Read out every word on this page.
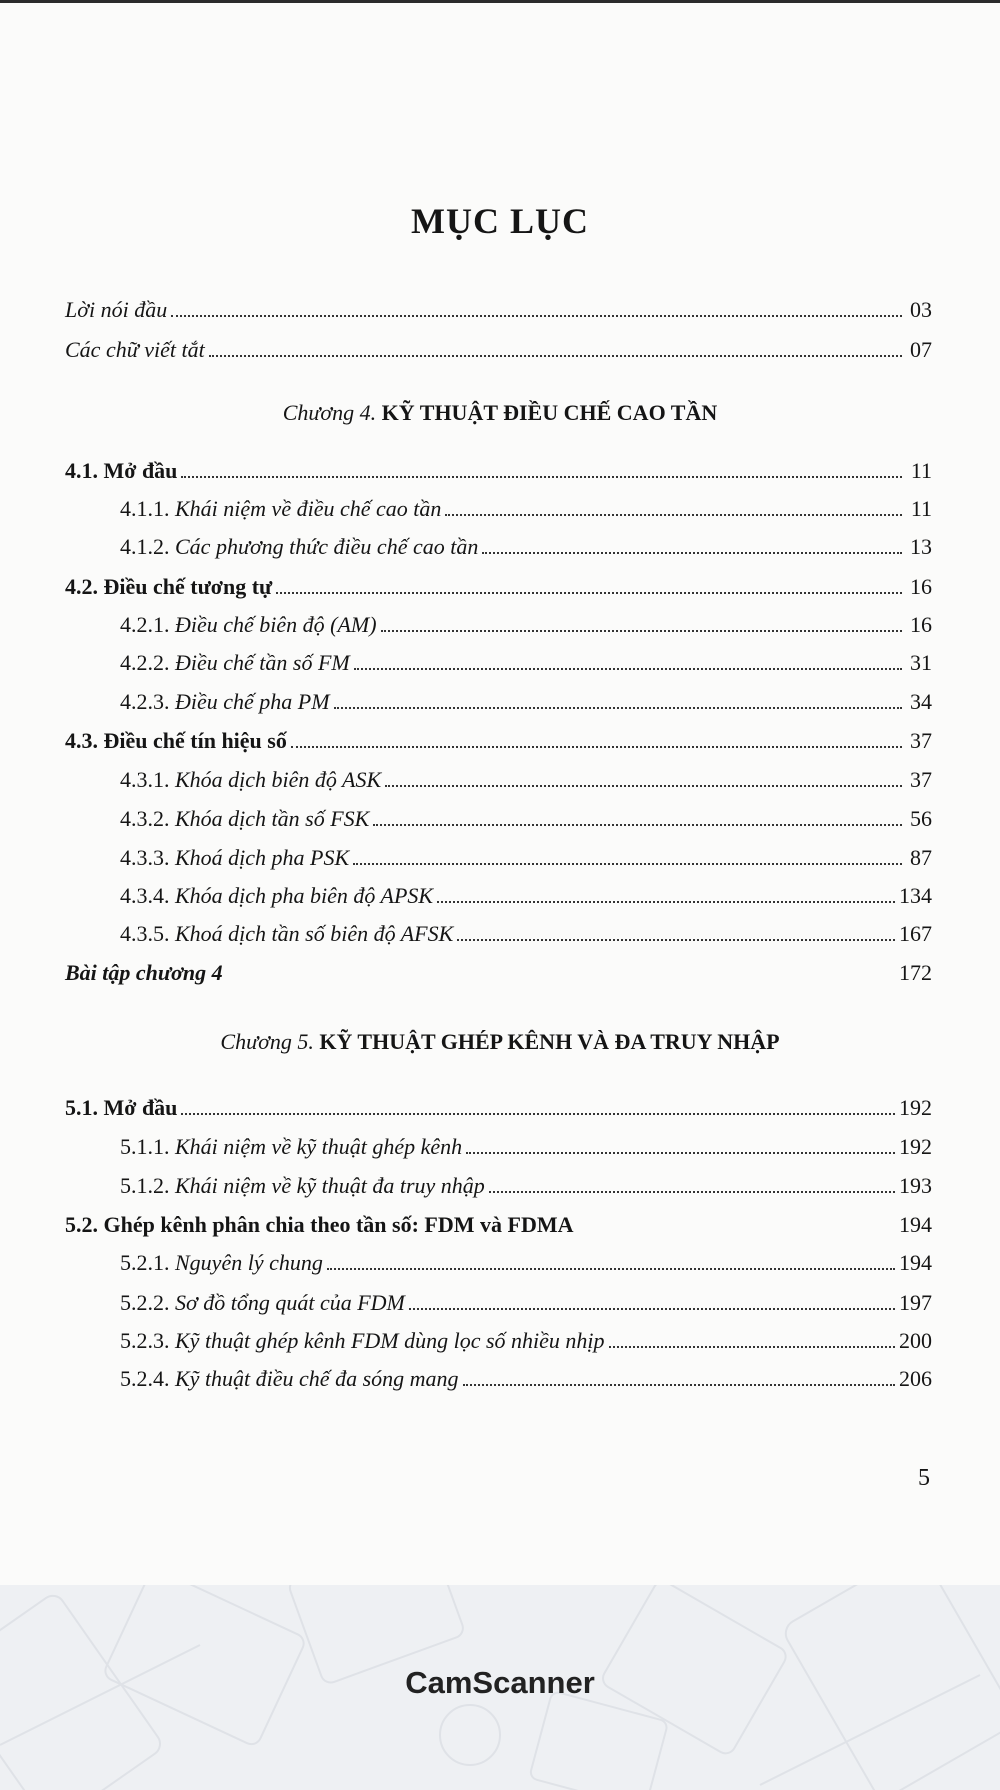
MỤC LỤC
Lời nói đầu	03
Các chữ viết tắt	07
Chương 4. KỸ THUẬT ĐIỀU CHẾ CAO TẦN
4.1. Mở đầu	11
4.1.1. Khái niệm về điều chế cao tần	11
4.1.2. Các phương thức điều chế cao tần	13
4.2. Điều chế tương tự	16
4.2.1. Điều chế biên độ (AM)	16
4.2.2. Điều chế tần số FM	31
4.2.3. Điều chế pha PM	34
4.3. Điều chế tín hiệu số	37
4.3.1. Khóa dịch biên độ ASK	37
4.3.2. Khóa dịch tần số FSK	56
4.3.3. Khoá dịch pha PSK	87
4.3.4. Khóa dịch pha biên độ APSK	134
4.3.5. Khoá dịch tần số biên độ AFSK	167
Bài tập chương 4	172
Chương 5. KỸ THUẬT GHÉP KÊNH VÀ ĐA TRUY NHẬP
5.1. Mở đầu	192
5.1.1. Khái niệm về kỹ thuật ghép kênh	192
5.1.2. Khái niệm về kỹ thuật đa truy nhập	193
5.2. Ghép kênh phân chia theo tần số: FDM và FDMA	194
5.2.1. Nguyên lý chung	194
5.2.2. Sơ đồ tổng quát của FDM	197
5.2.3. Kỹ thuật ghép kênh FDM dùng lọc số nhiều nhịp	200
5.2.4. Kỹ thuật điều chế đa sóng mang	206
5
CamScanner
